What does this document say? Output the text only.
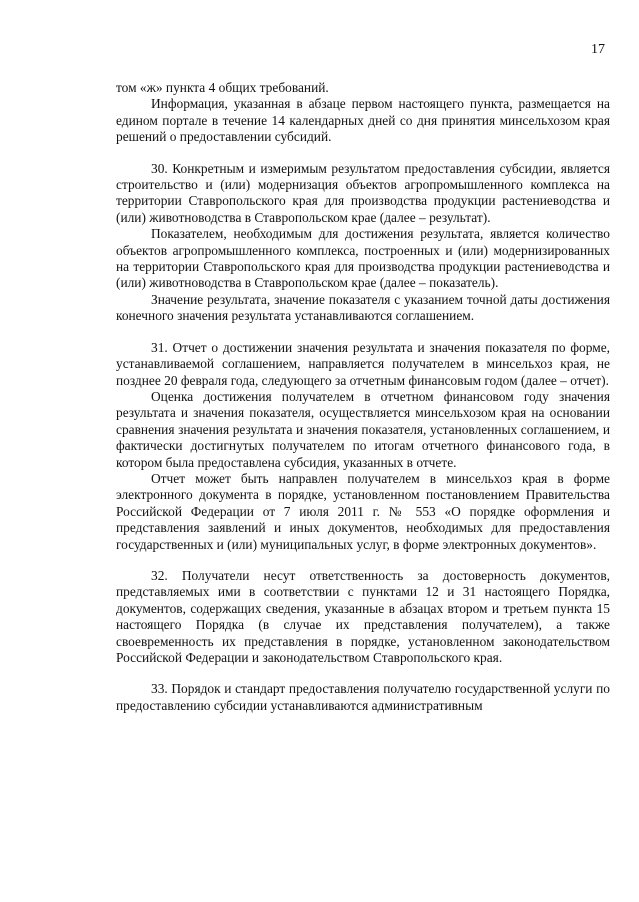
17

том «ж» пункта 4 общих требований.

Информация, указанная в абзаце первом настоящего пункта, размещается на едином портале в течение 14 календарных дней со дня принятия минсельхозом края решений о предоставлении субсидий.

30. Конкретным и измеримым результатом предоставления субсидии, является строительство и (или) модернизация объектов агропромышленного комплекса на территории Ставропольского края для производства продукции растениеводства и (или) животноводства в Ставропольском крае (далее – результат).

Показателем, необходимым для достижения результата, является количество объектов агропромышленного комплекса, построенных и (или) модернизированных на территории Ставропольского края для производства продукции растениеводства и (или) животноводства в Ставропольском крае (далее – показатель).

Значение результата, значение показателя с указанием точной даты достижения конечного значения результата устанавливаются соглашением.

31. Отчет о достижении значения результата и значения показателя по форме, устанавливаемой соглашением, направляется получателем в минсельхоз края, не позднее 20 февраля года, следующего за отчетным финансовым годом (далее – отчет).

Оценка достижения получателем в отчетном финансовом году значения результата и значения показателя, осуществляется минсельхозом края на основании сравнения значения результата и значения показателя, установленных соглашением, и фактически достигнутых получателем по итогам отчетного финансового года, в котором была предоставлена субсидия, указанных в отчете.

Отчет может быть направлен получателем в минсельхоз края в форме электронного документа в порядке, установленном постановлением Правительства Российской Федерации от 7 июля 2011 г. № 553 «О порядке оформления и представления заявлений и иных документов, необходимых для предоставления государственных и (или) муниципальных услуг, в форме электронных документов».

32. Получатели несут ответственность за достоверность документов, представляемых ими в соответствии с пунктами 12 и 31 настоящего Порядка, документов, содержащих сведения, указанные в абзацах втором и третьем пункта 15 настоящего Порядка (в случае их представления получателем), а также своевременность их представления в порядке, установленном законодательством Российской Федерации и законодательством Ставропольского края.

33. Порядок и стандарт предоставления получателю государственной услуги по предоставлению субсидии устанавливаются административным
